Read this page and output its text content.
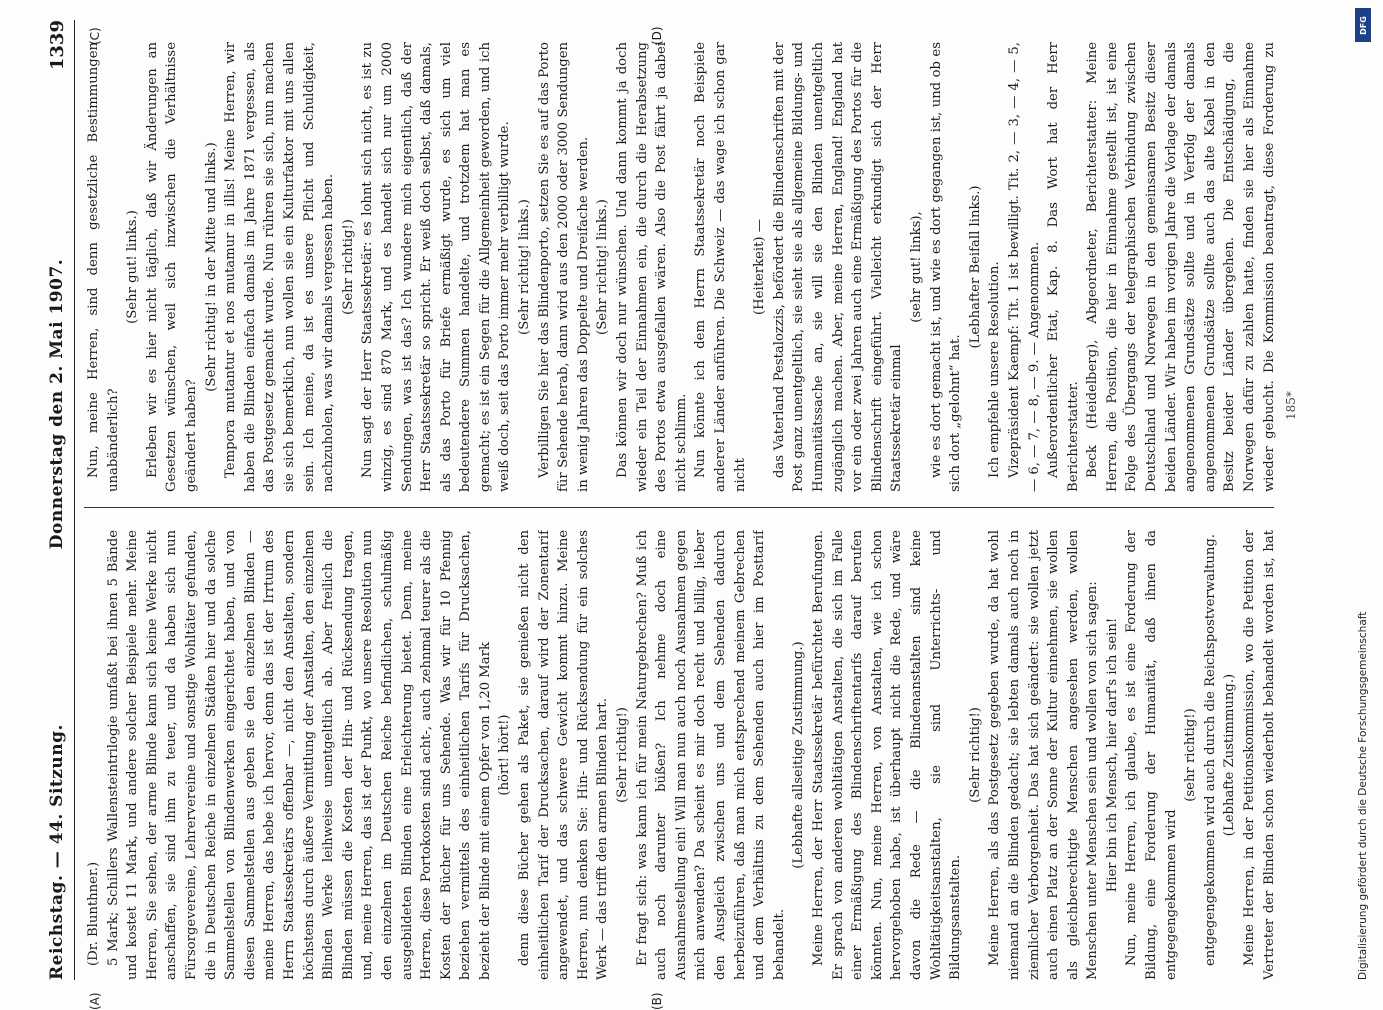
Reichstag. — 44. Sitzung.
Donnerstag den 2. Mai 1907.
1339

(Dr. Blunthner.) 5 Mark; Schillers Wallensteintrilogie umfaßt bei ihnen 5 Bände und kostet 11 Mark, und andere solcher Beispiele mehr. Meine Herren, Sie sehen, der arme Blinde kann sich keine Werke nicht anschaffen, sie sind ihm zu teuer, und da haben sich nun Fürsorgevereine, Lehrervereine und sonstige Wohltäter gefunden, die in Deutschen Reiche in einzelnen Städten hier und da solche Sammelstellen von Blindenwerken eingerichtet haben, und von diesen Sammelstellen aus geben sie den einzelnen Blinden — meine Herren, das hebe ich hervor, denn das ist der Irrtum des Herrn Staatssekretärs offenbar —, nicht den Anstalten, sondern höchstens durch äußere Vermittlung der Anstalten, den einzelnen Blinden Werke leihweise unentgeltlich ab. Aber freilich die Blinden müssen die Kosten der Hin- und Rücksendung tragen, und, meine Herren, das ist der Punkt, wo unsere Resolution nun den einzelnen im Deutschen Reiche befindlichen, schulmäßig ausgebildeten Blinden eine Erleichterung bietet. Denn, meine Herren, diese Portokosten sind acht-, auch zehnmal teurer als die Kosten der Bücher für uns Sehende. Was wir für 10 Pfennig beziehen vermittels des einheitlichen Tarifs für Drucksachen, bezieht der Blinde mit einem Opfer von 1,20 Mark (hört! hört!) denn diese Bücher gehen als Paket, sie genießen nicht den einheitlichen Tarif der Drucksachen, darauf wird der Zonentarif angewendet, und das schwere Gewicht kommt hinzu. Meine Herren, nun denken Sie: Hin- und Rücksendung für ein solches Werk — das trifft den armen Blinden hart. (Sehr richtig!) Er fragt sich: was kann ich für mein Naturgebrechen? Muß ich auch noch darunter büßen? Ich nehme doch eine Ausnahmestellung ein! Will man nun auch noch Ausnahmen gegen mich anwenden? Da scheint es mir doch recht und billig, lieber den Ausgleich zwischen uns und dem Sehenden dadurch herbeizuführen, daß man mich entsprechend meinem Gebrechen und dem Verhältnis zu dem Sehenden auch hier im Posttarif behandelt.

(Lebhafte allseitige Zustimmung.) Meine Herren, der Herr Staatssekretär befürchtet Berufungen. Er sprach von anderen wohltätigen Anstalten, die sich im Falle einer Ermäßigung des Blindenschriftentarifs darauf berufen könnten. Nun, meine Herren, von Anstalten, wie ich schon hervorgehoben habe, ist überhaupt nicht die Rede, und wäre davon die Rede — die Blindenanstalten sind keine Wohltätigkeitsanstalten, sie sind Unterrichts- und Bildungsanstalten.

(Sehr richtig!) Meine Herren, als das Postgesetz gegeben wurde, da hat wohl niemand an die Blinden gedacht; sie lebten damals auch noch in ziemlicher Verborgenheit. Das hat sich geändert: sie wollen jetzt auch einen Platz an der Sonne der Kultur einnehmen, sie wollen als gleichberechtigte Menschen angesehen werden, wollen Menschen unter Menschen sein und wollen von sich sagen: Hier bin ich Mensch, hier darf's ich sein! Nun, meine Herren, ich glaube, es ist eine Forderung der Bildung, eine Forderung der Humanität, daß ihnen da entgegengekommen wird

(sehr richtig!) entgegengekommen wird auch durch die Reichspostverwaltung. (Lebhafte Zustimmung.)

Meine Herren, in der Petitionskommission, wo die Petition der Vertreter der Blinden schon wiederholt behandelt worden ist, hat

Nun, meine Herren, sind denn gesetzliche Bestimmungen unabänderlich?

(Sehr gut! links.) Erleben wir es hier nicht täglich, daß wir Änderungen an Gesetzen wünschen, weil sich inzwischen die Verhältnisse geändert haben?

(Sehr richtig! in der Mitte und links.) Tempora mutantur et nos mutamur in illis! Meine Herren, wir haben die Blinden einfach damals im Jahre 1871 vergessen, als das Postgesetz gemacht wurde. Nun rühren sie sich, nun machen sie sich bemerklich, nun wollen sie ein Kulturfaktor mit uns allen sein. Ich meine, da ist es unsere Pflicht und Schuldigkeit, nachzuholen, was wir damals vergessen haben. (Sehr richtig!) Nun sagt der Herr Staatssekretär: es lohnt sich nicht, es ist zu winzig, es sind 870 Mark, und es handelt sich nur um 2000 Sendungen, was ist das? Ich wundere mich eigentlich, daß der Herr Staatssekretär so spricht. Er weiß doch selbst, daß damals, als das Porto für Briefe ermäßigt wurde, es sich um viel bedeutendere Summen handelte, und trotzdem hat man es gemacht; es ist ein Segen für die Allgemeinheit geworden, und ich weiß doch, seit das Porto immer mehr verbilligt wurde. (Sehr richtig! links.) Verbilligen Sie hier das Blindenporto, setzen Sie es auf das Porto für Sehende herab, dann wird aus den 2000 oder 3000 Sendungen in wenig Jahren das Doppelte und Dreifache werden. (Sehr richtig! links.) Das können wir doch nur wünschen. Und dann kommt ja doch wieder ein Teil der Einnahmen ein, die durch die Herabsetzung des Portos etwa ausgefallen wären. Also die Post fährt ja dabei nicht schlimm. Nun könnte ich dem Herrn Staatssekretär noch Beispiele anderer Länder anführen. Die Schweiz — das wage ich schon gar nicht

(Heiterkeit) — das Vaterland Pestalozzis, befördert die Blindenschriften mit der Post ganz unentgeltlich, sie sieht sie als allgemeine Bildungs- und Humanitätssache an, sie will sie den Blinden unentgeltlich zugänglich machen. Aber, meine Herren, England! England hat vor ein oder zwei Jahren auch eine Ermäßigung des Portos für die Blindenschrift eingeführt. Vielleicht erkundigt sich der Herr Staatssekretär einmal

(sehr gut! links), wie es dort gemacht ist, und wie es dort gegangen ist, und ob es sich dort „gelohnt“ hat.

(Lebhafter Beifall links.) Ich empfehle unsere Resolution. Vizepräsident Kaempf: Tit. 1 ist bewilligt. Tit. 2, — 3, — 4, — 5, — 6, — 7, — 8, — 9. — Angenommen. Außerordentlicher Etat, Kap. 8. Das Wort hat der Herr Berichterstatter. Beck (Heidelberg), Abgeordneter, Berichterstatter: Meine Herren, die Position, die hier in Einnahme gestellt ist, ist eine Folge des Übergangs der telegraphischen Verbindung zwischen Deutschland und Norwegen in den gemeinsamen Besitz dieser beiden Länder. Wir haben im vorigen Jahre die Vorlage der damals angenommenen Grundsätze sollte und in Verfolg der damals angenommenen Grundsätze sollte auch das alte Kabel in den Besitz beider Länder übergehen. Die Entschädigung, die Norwegen dafür zu zahlen hatte, finden sie hier als Einnahme wieder gebucht. Die Kommission beantragt, diese Forderung zu

(A)	(B)
(C)	(D)
185*
DFG
Digitalisierung gefördert durch die Deutsche Forschungsgemeinschaft
